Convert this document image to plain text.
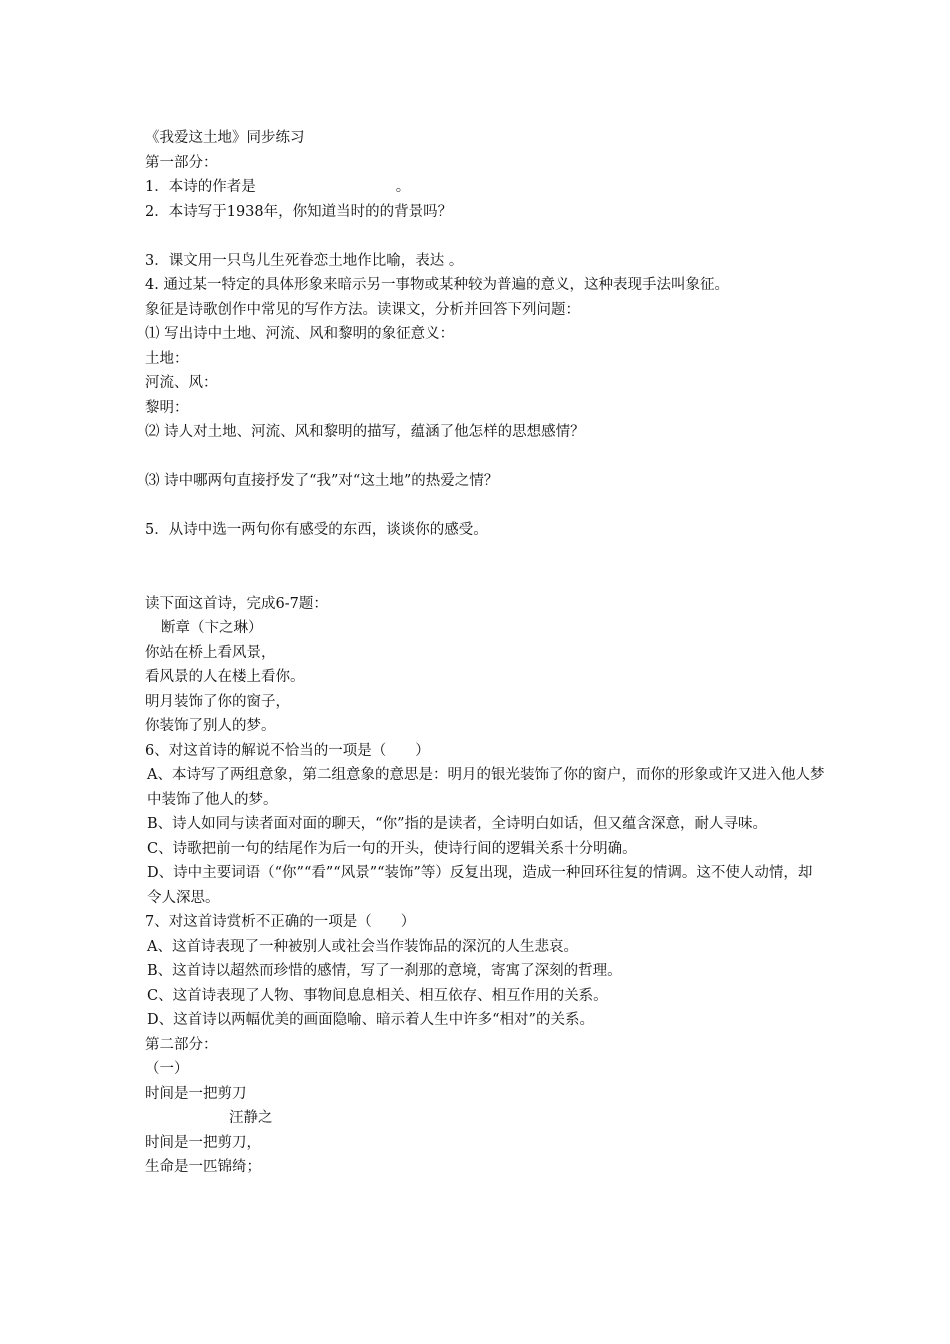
《我爱这土地》同步练习
第一部分：
1．本诗的作者是	。
2．本诗写于1938年，你知道当时的的背景吗？
3．课文用一只鸟儿生死眷恋土地作比喻，表达 。
4. 通过某一特定的具体形象来暗示另一事物或某种较为普遍的意义，这种表现手法叫象征。
象征是诗歌创作中常见的写作方法。读课文，分析并回答下列问题：
⑴ 写出诗中土地、河流、风和黎明的象征意义：
土地：
河流、风：
黎明：
⑵ 诗人对土地、河流、风和黎明的描写，蕴涵了他怎样的思想感情？
⑶ 诗中哪两句直接抒发了“我”对“这土地”的热爱之情？
5．从诗中选一两句你有感受的东西，谈谈你的感受。
读下面这首诗，完成6-7题：
断章（卞之琳）
你站在桥上看风景，
看风景的人在楼上看你。
明月装饰了你的窗子，
你装饰了别人的梦。
6、对这首诗的解说不恰当的一项是（　　）
A、本诗写了两组意象，第二组意象的意思是：明月的银光装饰了你的窗户，而你的形象或许又进入他人梦中装饰了他人的梦。
B、诗人如同与读者面对面的聊天，“你”指的是读者，全诗明白如话，但又蕴含深意，耐人寻味。
C、诗歌把前一句的结尾作为后一句的开头，使诗行间的逻辑关系十分明确。
D、诗中主要词语（“你”“看”“风景”“装饰”等）反复出现，造成一种回环往复的情调。这不使人动情，却令人深思。
7、对这首诗赏析不正确的一项是（　　）
A、这首诗表现了一种被别人或社会当作装饰品的深沉的人生悲哀。
B、这首诗以超然而珍惜的感情，写了一刹那的意境，寄寓了深刻的哲理。
C、这首诗表现了人物、事物间息息相关、相互依存、相互作用的关系。
D、这首诗以两幅优美的画面隐喻、暗示着人生中许多“相对”的关系。
第二部分：
（一）
时间是一把剪刀
汪静之
时间是一把剪刀，
生命是一匹锦绮；
